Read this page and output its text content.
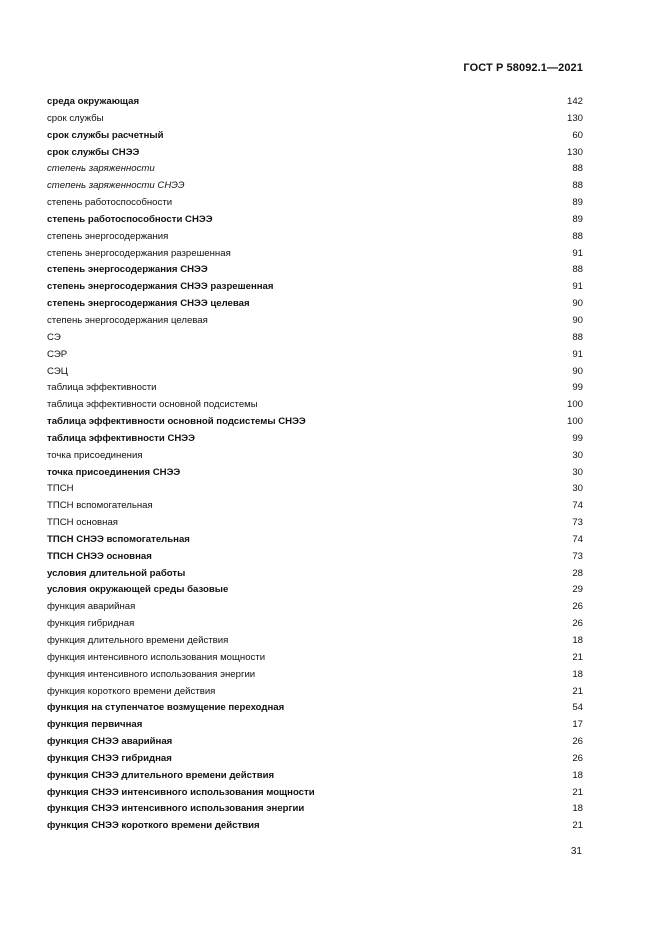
ГОСТ Р 58092.1—2021
среда окружающая	142
срок службы	130
срок службы расчетный	60
срок службы СНЭЭ	130
степень заряженности	88
степень заряженности СНЭЭ	88
степень работоспособности	89
степень работоспособности СНЭЭ	89
степень энергосодержания	88
степень энергосодержания разрешенная	91
степень энергосодержания СНЭЭ	88
степень энергосодержания СНЭЭ разрешенная	91
степень энергосодержания СНЭЭ целевая	90
степень энергосодержания целевая	90
СЭ	88
СЭР	91
СЭЦ	90
таблица эффективности	99
таблица эффективности основной подсистемы	100
таблица эффективности основной подсистемы СНЭЭ	100
таблица эффективности СНЭЭ	99
точка присоединения	30
точка присоединения СНЭЭ	30
ТПСН	30
ТПСН вспомогательная	74
ТПСН основная	73
ТПСН СНЭЭ вспомогательная	74
ТПСН СНЭЭ основная	73
условия длительной работы	28
условия окружающей среды базовые	29
функция аварийная	26
функция гибридная	26
функция длительного времени действия	18
функция интенсивного использования мощности	21
функция интенсивного использования энергии	18
функция короткого времени действия	21
функция на ступенчатое возмущение переходная	54
функция первичная	17
функция СНЭЭ аварийная	26
функция СНЭЭ гибридная	26
функция СНЭЭ длительного времени действия	18
функция СНЭЭ интенсивного использования мощности	21
функция СНЭЭ интенсивного использования энергии	18
функция СНЭЭ короткого времени действия	21
31
